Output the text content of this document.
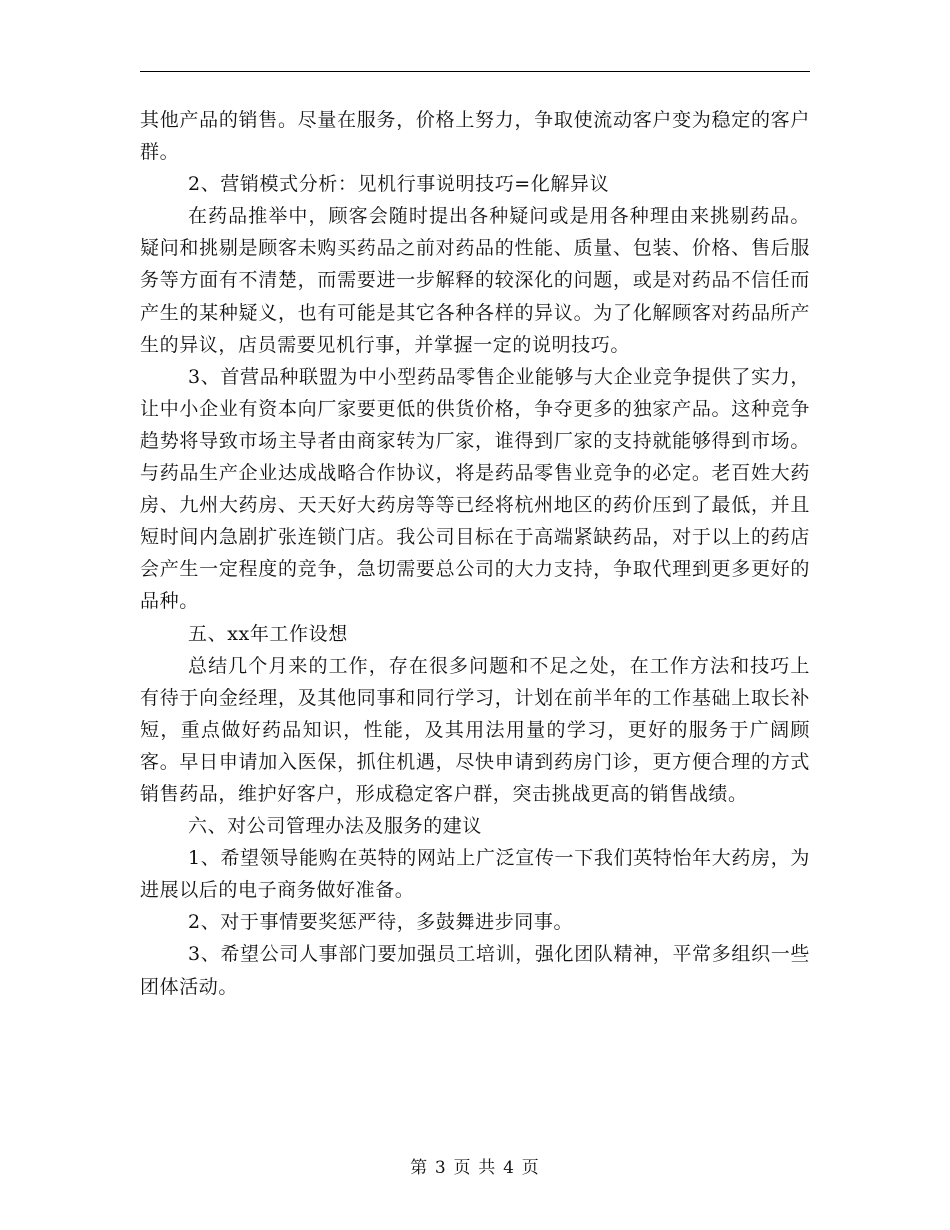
其他产品的销售。尽量在服务，价格上努力，争取使流动客户变为稳定的客户群。

2、营销模式分析：见机行事说明技巧=化解异议

在药品推举中，顾客会随时提出各种疑问或是用各种理由来挑剔药品。疑问和挑剔是顾客未购买药品之前对药品的性能、质量、包装、价格、售后服务等方面有不清楚，而需要进一步解释的较深化的问题，或是对药品不信任而产生的某种疑义，也有可能是其它各种各样的异议。为了化解顾客对药品所产生的异议，店员需要见机行事，并掌握一定的说明技巧。

3、首营品种联盟为中小型药品零售企业能够与大企业竞争提供了实力，让中小企业有资本向厂家要更低的供货价格，争夺更多的独家产品。这种竞争趋势将导致市场主导者由商家转为厂家，谁得到厂家的支持就能够得到市场。与药品生产企业达成战略合作协议，将是药品零售业竞争的必定。老百姓大药房、九州大药房、天天好大药房等等已经将杭州地区的药价压到了最低，并且短时间内急剧扩张连锁门店。我公司目标在于高端紧缺药品，对于以上的药店会产生一定程度的竞争，急切需要总公司的大力支持，争取代理到更多更好的品种。

五、xx年工作设想

总结几个月来的工作，存在很多问题和不足之处，在工作方法和技巧上有待于向金经理，及其他同事和同行学习，计划在前半年的工作基础上取长补短，重点做好药品知识，性能，及其用法用量的学习，更好的服务于广阔顾客。早日申请加入医保，抓住机遇，尽快申请到药房门诊，更方便合理的方式销售药品，维护好客户，形成稳定客户群，突击挑战更高的销售战绩。

六、对公司管理办法及服务的建议

1、希望领导能购在英特的网站上广泛宣传一下我们英特怡年大药房，为进展以后的电子商务做好准备。

2、对于事情要奖惩严待，多鼓舞进步同事。

3、希望公司人事部门要加强员工培训，强化团队精神，平常多组织一些团体活动。

第 3 页 共 4 页
